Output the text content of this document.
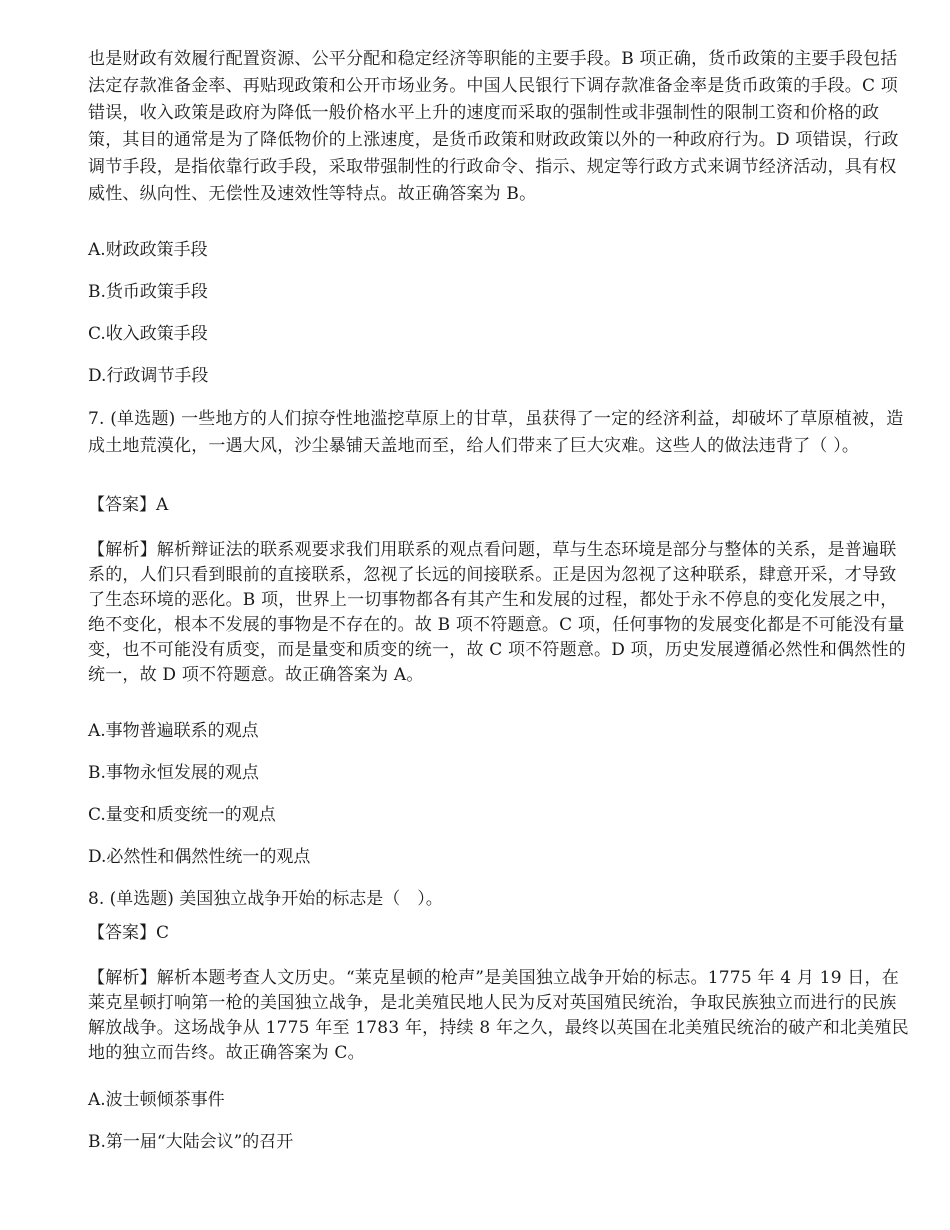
也是财政有效履行配置资源、公平分配和稳定经济等职能的主要手段。B 项正确，货币政策的主要手段包括法定存款准备金率、再贴现政策和公开市场业务。中国人民银行下调存款准备金率是货币政策的手段。C 项错误，收入政策是政府为降低一般价格水平上升的速度而采取的强制性或非强制性的限制工资和价格的政策，其目的通常是为了降低物价的上涨速度，是货币政策和财政政策以外的一种政府行为。D 项错误，行政调节手段，是指依靠行政手段，采取带强制性的行政命令、指示、规定等行政方式来调节经济活动，具有权威性、纵向性、无偿性及速效性等特点。故正确答案为 B。

A.财政政策手段

B.货币政策手段

C.收入政策手段

D.行政调节手段

7. (单选题) 一些地方的人们掠夺性地滥挖草原上的甘草，虽获得了一定的经济利益，却破坏了草原植被，造成土地荒漠化，一遇大风，沙尘暴铺天盖地而至，给人们带来了巨大灾难。这些人的做法违背了（ ）。

【答案】A

【解析】解析辩证法的联系观要求我们用联系的观点看问题，草与生态环境是部分与整体的关系，是普遍联系的，人们只看到眼前的直接联系，忽视了长远的间接联系。正是因为忽视了这种联系，肆意开采，才导致了生态环境的恶化。B 项，世界上一切事物都各有其产生和发展的过程，都处于永不停息的变化发展之中，绝不变化，根本不发展的事物是不存在的。故 B 项不符题意。C 项，任何事物的发展变化都是不可能没有量变，也不可能没有质变，而是量变和质变的统一，故 C 项不符题意。D 项，历史发展遵循必然性和偶然性的统一，故 D 项不符题意。故正确答案为 A。

A.事物普遍联系的观点

B.事物永恒发展的观点

C.量变和质变统一的观点

D.必然性和偶然性统一的观点

8. (单选题) 美国独立战争开始的标志是（　）。

【答案】C

【解析】解析本题考查人文历史。“莱克星顿的枪声”是美国独立战争开始的标志。1775 年 4 月 19 日，在莱克星顿打响第一枪的美国独立战争，是北美殖民地人民为反对英国殖民统治，争取民族独立而进行的民族解放战争。这场战争从 1775 年至 1783 年，持续 8 年之久，最终以英国在北美殖民统治的破产和北美殖民地的独立而告终。故正确答案为 C。

A.波士顿倾茶事件

B.第一届“大陆会议”的召开
